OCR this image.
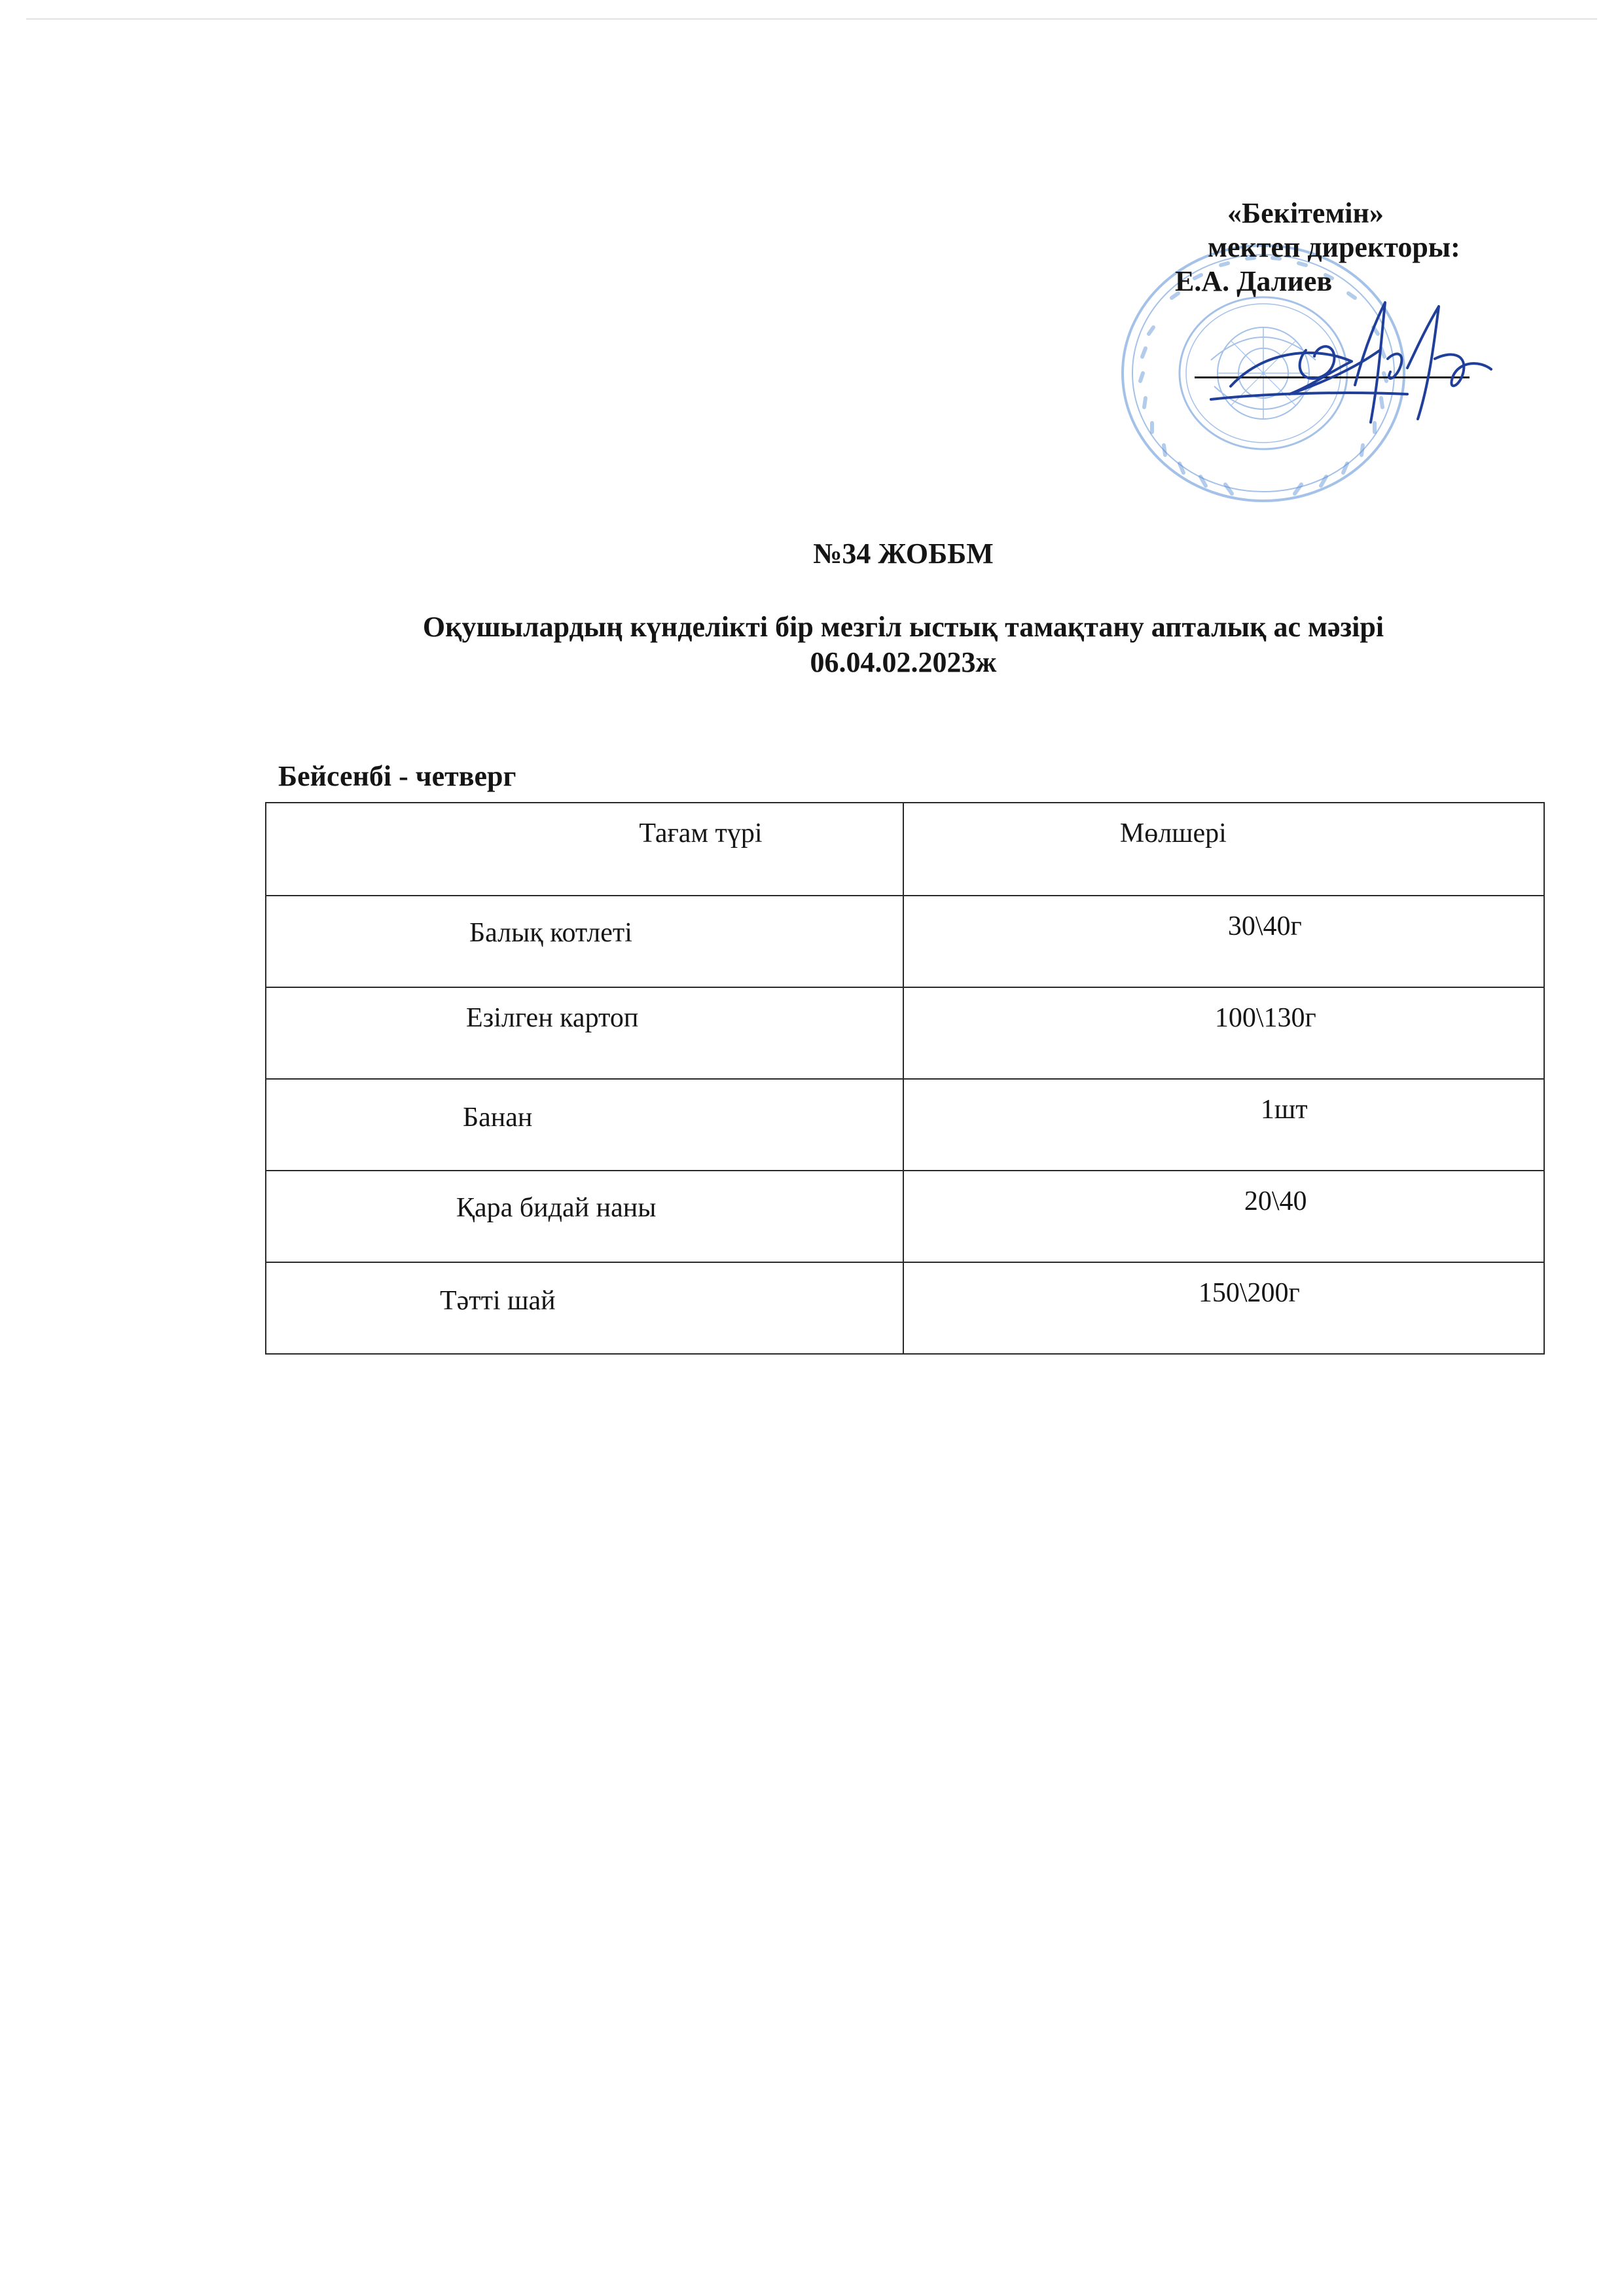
«Бекітемін»
мектеп директоры:
Е.А. Далиев
№34 ЖОББМ
Оқушылардың күнделікті бір мезгіл ыстық тамақтану апталық ас мәзірі
06.04.02.2023ж
Бейсенбі - четверг
Тағам түрі	Мөлшері
Балық котлеті	30\40г
Езілген картоп	100\130г
Банан	1шт
Қара бидай наны	20\40
Тәтті шай	150\200г
